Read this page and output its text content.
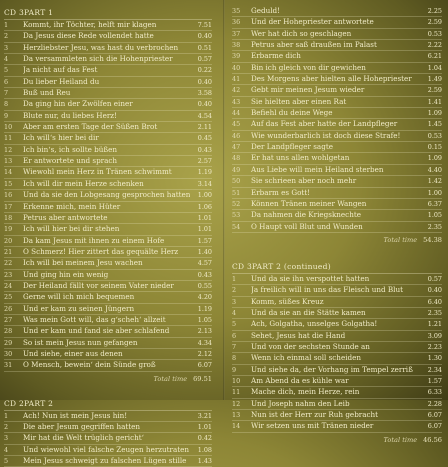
CD 3 PART 1
1	Kommt, ihr Töchter, helft mir klagen	7.51
2	Da Jesus diese Rede vollendet hatte	0.40
3	Herzliebster Jesu, was hast du verbrochen	0.51
4	Da versammleten sich die Hohenpriester	0.57
5	Ja nicht auf das Fest	0.22
6	Du lieber Heiland du	0.40
7	Buß und Reu	3.58
8	Da ging hin der Zwölfen einer	0.40
9	Blute nur, du liebes Herz!	4.54
10	Aber am ersten Tage der Süßen Brot	2.11
11	Ich will‘s hier bei dir	0.45
12	Ich bin‘s, ich sollte büßen	0.43
13	Er antwortete und sprach	2.57
14	Wiewohl mein Herz in Tränen schwimmt	1.19
15	Ich will dir mein Herze schenken	3.14
16	Und da sie den Lobgesang gesprochen hatten	1.00
17	Erkenne mich, mein Hüter	1.06
18	Petrus aber antwortete	1.01
19	Ich will hier bei dir stehen	1.01
20	Da kam Jesus mit ihnen zu einem Hofe	1.57
21	O Schmerz! Hier zittert das gequälte Herz	1.40
22	Ich will bei meinem Jesu wachen	4.57
23	Und ging hin ein wenig	0.43
24	Der Heiland fällt vor seinem Vater nieder	0.55
25	Gerne will ich mich bequemen	4.20
26	Und er kam zu seinen Jüngern	1.19
27	Was mein Gott will, das g‘scheh‘ allzeit	1.05
28	Und er kam und fand sie aber schlafend	2.13
29	So ist mein Jesus nun gefangen	4.34
30	Und siehe, einer aus denen	2.12
31	O Mensch, bewein‘ dein Sünde groß	6.07
Total time 69.51
CD 2 PART 2
1	Ach! Nun ist mein Jesus hin!	3.21
2	Die aber Jesum gegriffen hatten	1.01
3	Mir hat die Welt trüglich gericht‘	0.42
4	Und wiewohl viel falsche Zeugen herzutraten	1.08
5	Mein Jesus schweigt zu falschen Lügen stille	1.43
35	Geduld!	2.25
36	Und der Hohepriester antwortete	2.59
37	Wer hat dich so geschlagen	0.53
38	Petrus aber saß draußen im Palast	2.22
39	Erbarme dich	6.21
40	Bin ich gleich von dir gewichen	1.04
41	Des Morgens aber hielten alle Hohepriester	1.49
42	Gebt mir meinen Jesum wieder	2.59
43	Sie hielten aber einen Rat	1.41
44	Befiehl du deine Wege	1.09
45	Auf das Fest aber hatte der Landpfleger	1.45
46	Wie wunderbarlich ist doch diese Strafe!	0.53
47	Der Landpfleger sagte	0.15
48	Er hat uns allen wohlgetan	1.09
49	Aus Liebe will mein Heiland sterben	4.40
50	Sie schrieen aber noch mehr	1.42
51	Erbarm es Gott!	1.00
52	Können Tränen meiner Wangen	6.37
53	Da nahmen die Kriegsknechte	1.05
54	O Haupt voll Blut und Wunden	2.35
Total time 54.38
CD 3 PART 2 (continued)
1	Und da sie ihn verspottet hatten	0.57
2	Ja freilich will in uns das Fleisch und Blut	0.40
3	Komm, süßes Kreuz	6.40
4	Und da sie an die Stätte kamen	2.35
5	Ach, Golgatha, unselges Golgatha!	1.21
6	Sehet, Jesus hat die Hand	3.09
7	Und von der sechsten Stunde an	2.23
8	Wenn ich einmal soll scheiden	1.30
9	Und siehe da, der Vorhang im Tempel zerriß	2.34
10	Am Abend da es kühle war	1.57
11	Mache dich, mein Herze, rein	6.33
12	Und Joseph nahm den Leib	2.28
13	Nun ist der Herr zur Ruh gebracht	6.07
14	Wir setzen uns mit Tränen nieder	6.07
Total time 46.56
